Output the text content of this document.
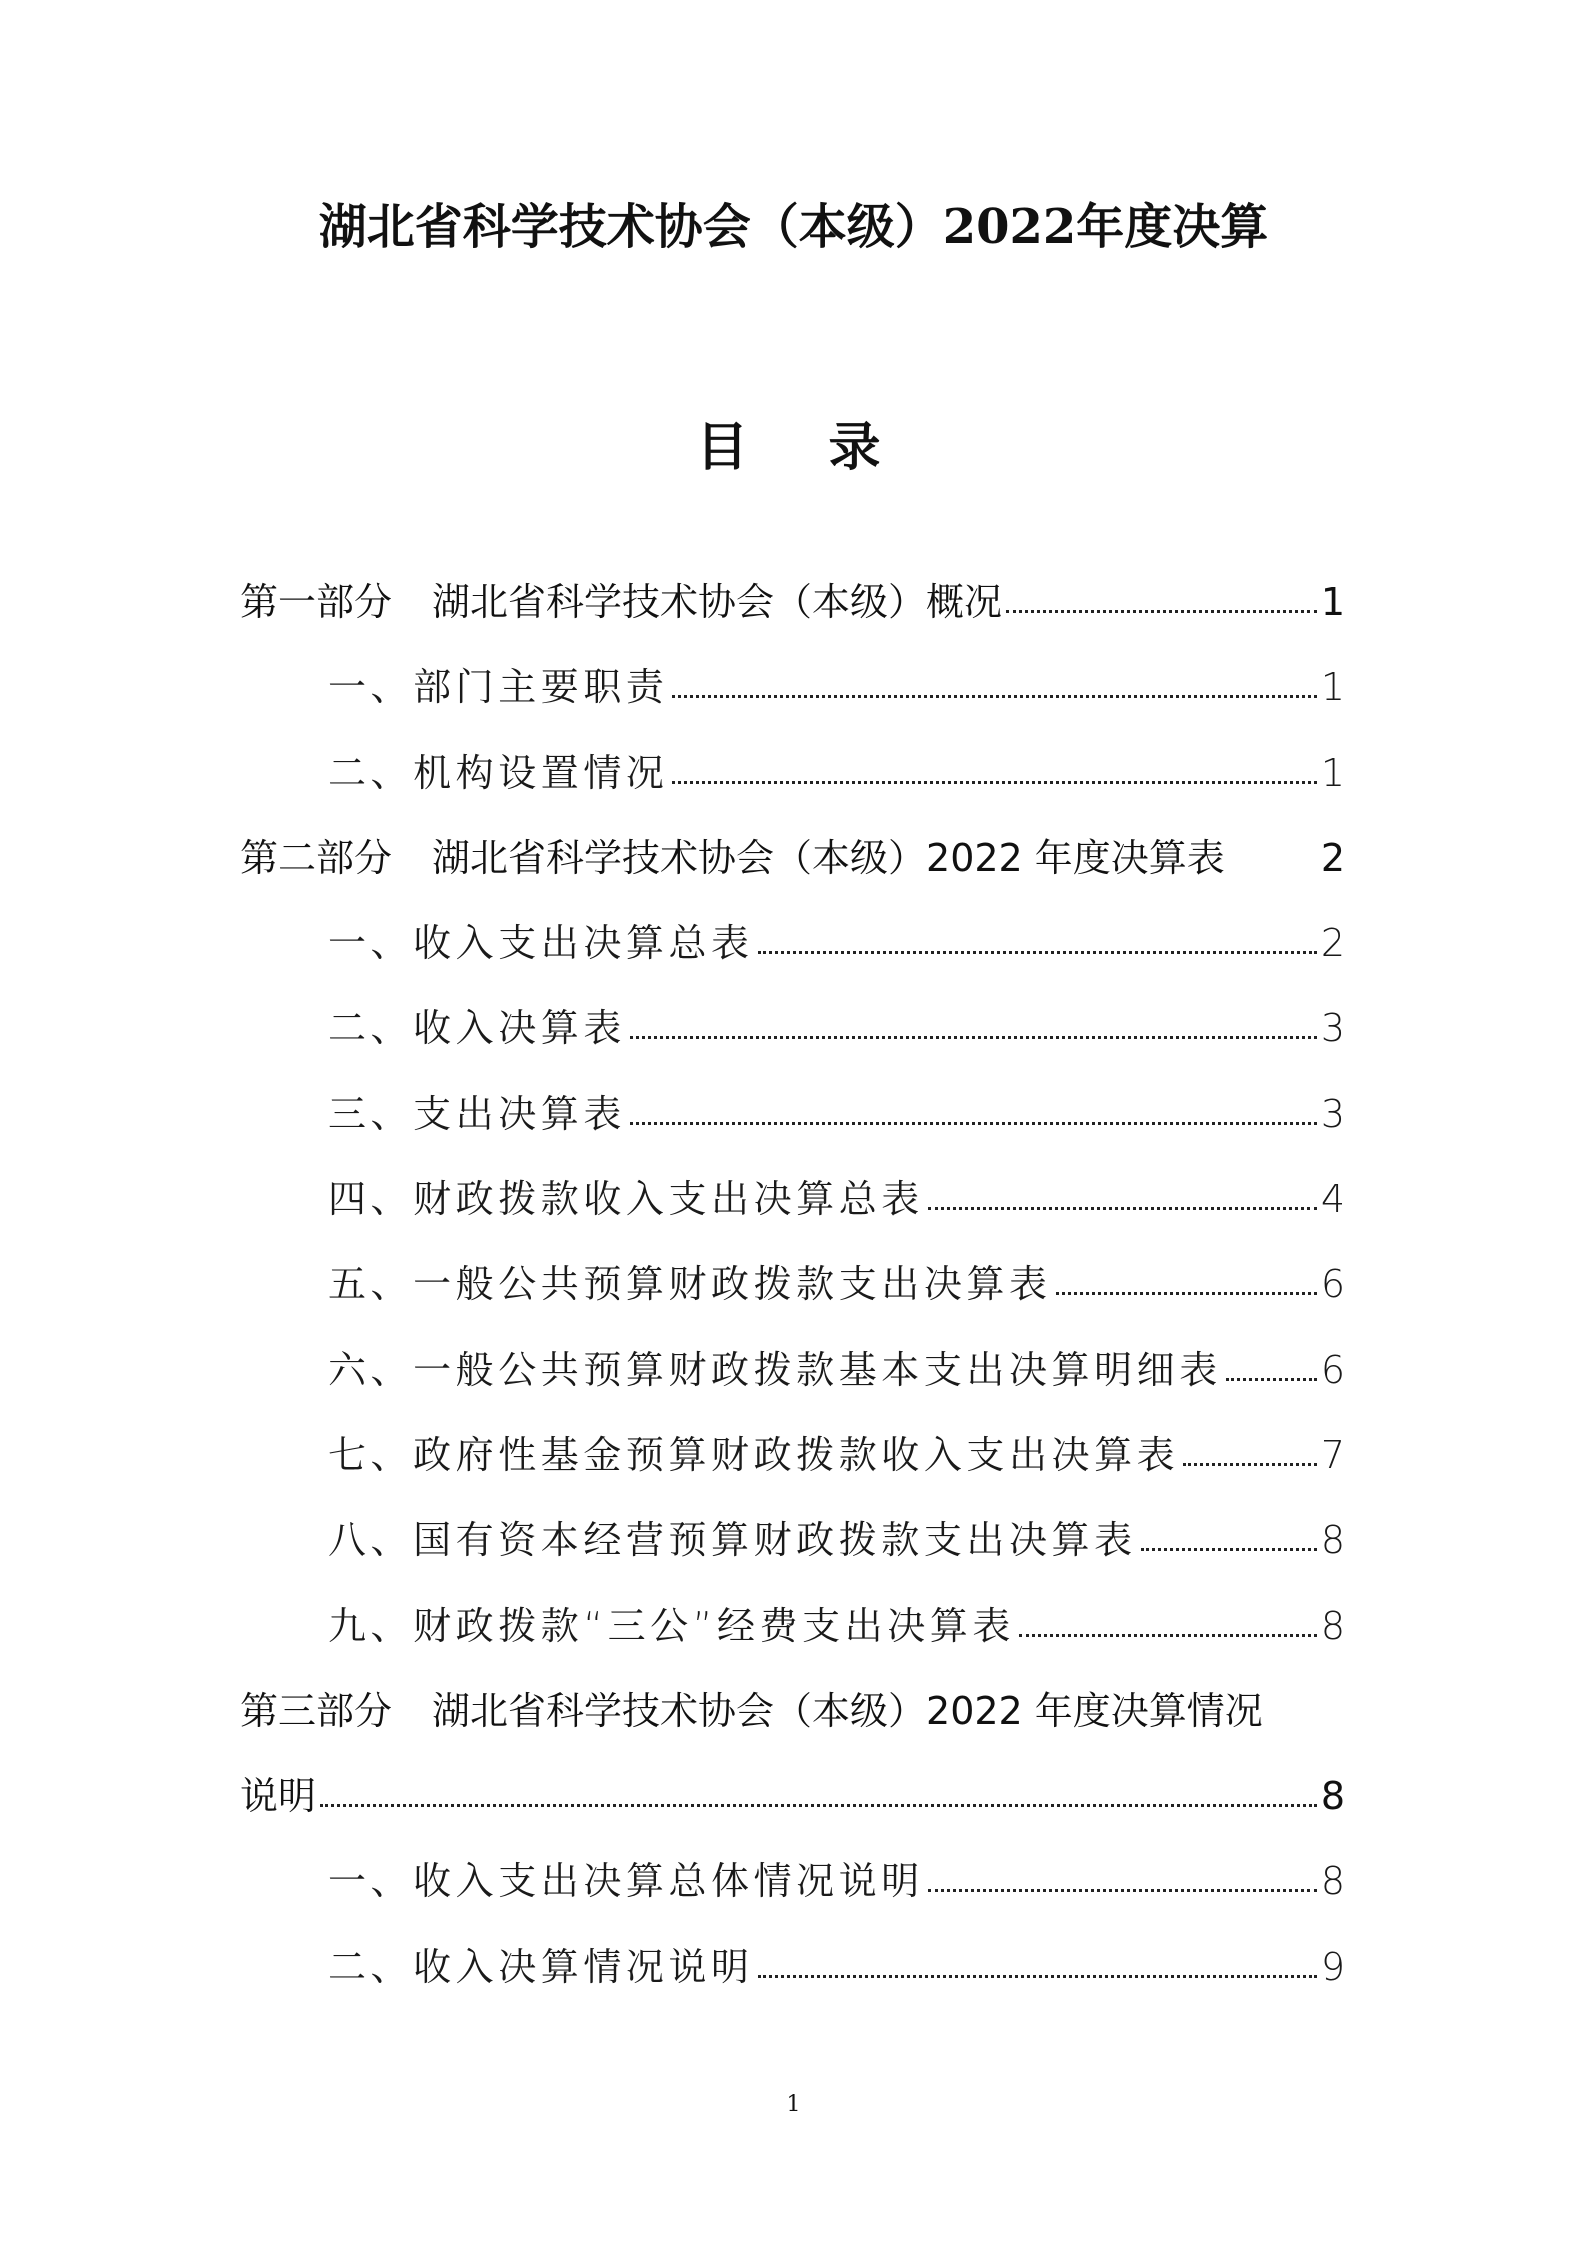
湖北省科学技术协会（本级）2022年度决算
目 录
第一部分 湖北省科学技术协会（本级）概况	1
一、部门主要职责	1
二、机构设置情况	1
第二部分 湖北省科学技术协会（本级）2022 年度决算表	2
一、收入支出决算总表	2
二、收入决算表	3
三、支出决算表	3
四、财政拨款收入支出决算总表	4
五、一般公共预算财政拨款支出决算表	6
六、一般公共预算财政拨款基本支出决算明细表	6
七、政府性基金预算财政拨款收入支出决算表	7
八、国有资本经营预算财政拨款支出决算表	8
九、财政拨款“三公”经费支出决算表	8
第三部分 湖北省科学技术协会（本级）2022 年度决算情况
说明	8
一、收入支出决算总体情况说明	8
二、收入决算情况说明	9
1
